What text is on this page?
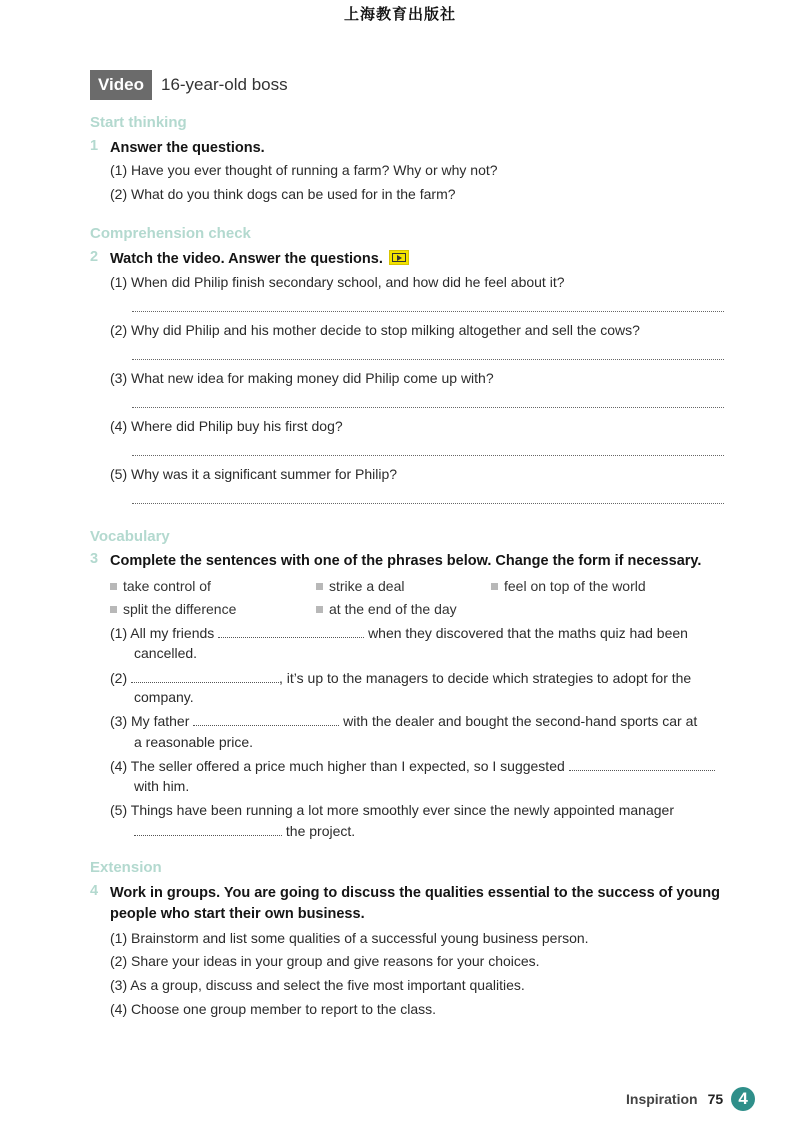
上海教育出版社
Video	16-year-old boss
Start thinking
1 Answer the questions.
(1) Have you ever thought of running a farm? Why or why not?
(2) What do you think dogs can be used for in the farm?
Comprehension check
2 Watch the video. Answer the questions.
(1) When did Philip finish secondary school, and how did he feel about it?
(2) Why did Philip and his mother decide to stop milking altogether and sell the cows?
(3) What new idea for making money did Philip come up with?
(4) Where did Philip buy his first dog?
(5) Why was it a significant summer for Philip?
Vocabulary
3 Complete the sentences with one of the phrases below. Change the form if necessary.
take control of	strike a deal	feel on top of the world
split the difference	at the end of the day
(1) All my friends	when they discovered that the maths quiz had been
cancelled.
(2)	, it’s up to the managers to decide which strategies to adopt for the
company.
(3) My father	with the dealer and bought the second-hand sports car at
a reasonable price.
(4) The seller offered a price much higher than I expected, so I suggested
with him.
(5) Things have been running a lot more smoothly ever since the newly appointed manager
the project.
Extension
4 Work in groups. You are going to discuss the qualities essential to the success of young
people who start their own business.
(1) Brainstorm and list some qualities of a successful young business person.
(2) Share your ideas in your group and give reasons for your choices.
(3) As a group, discuss and select the five most important qualities.
(4) Choose one group member to report to the class.
Inspiration 75 4
